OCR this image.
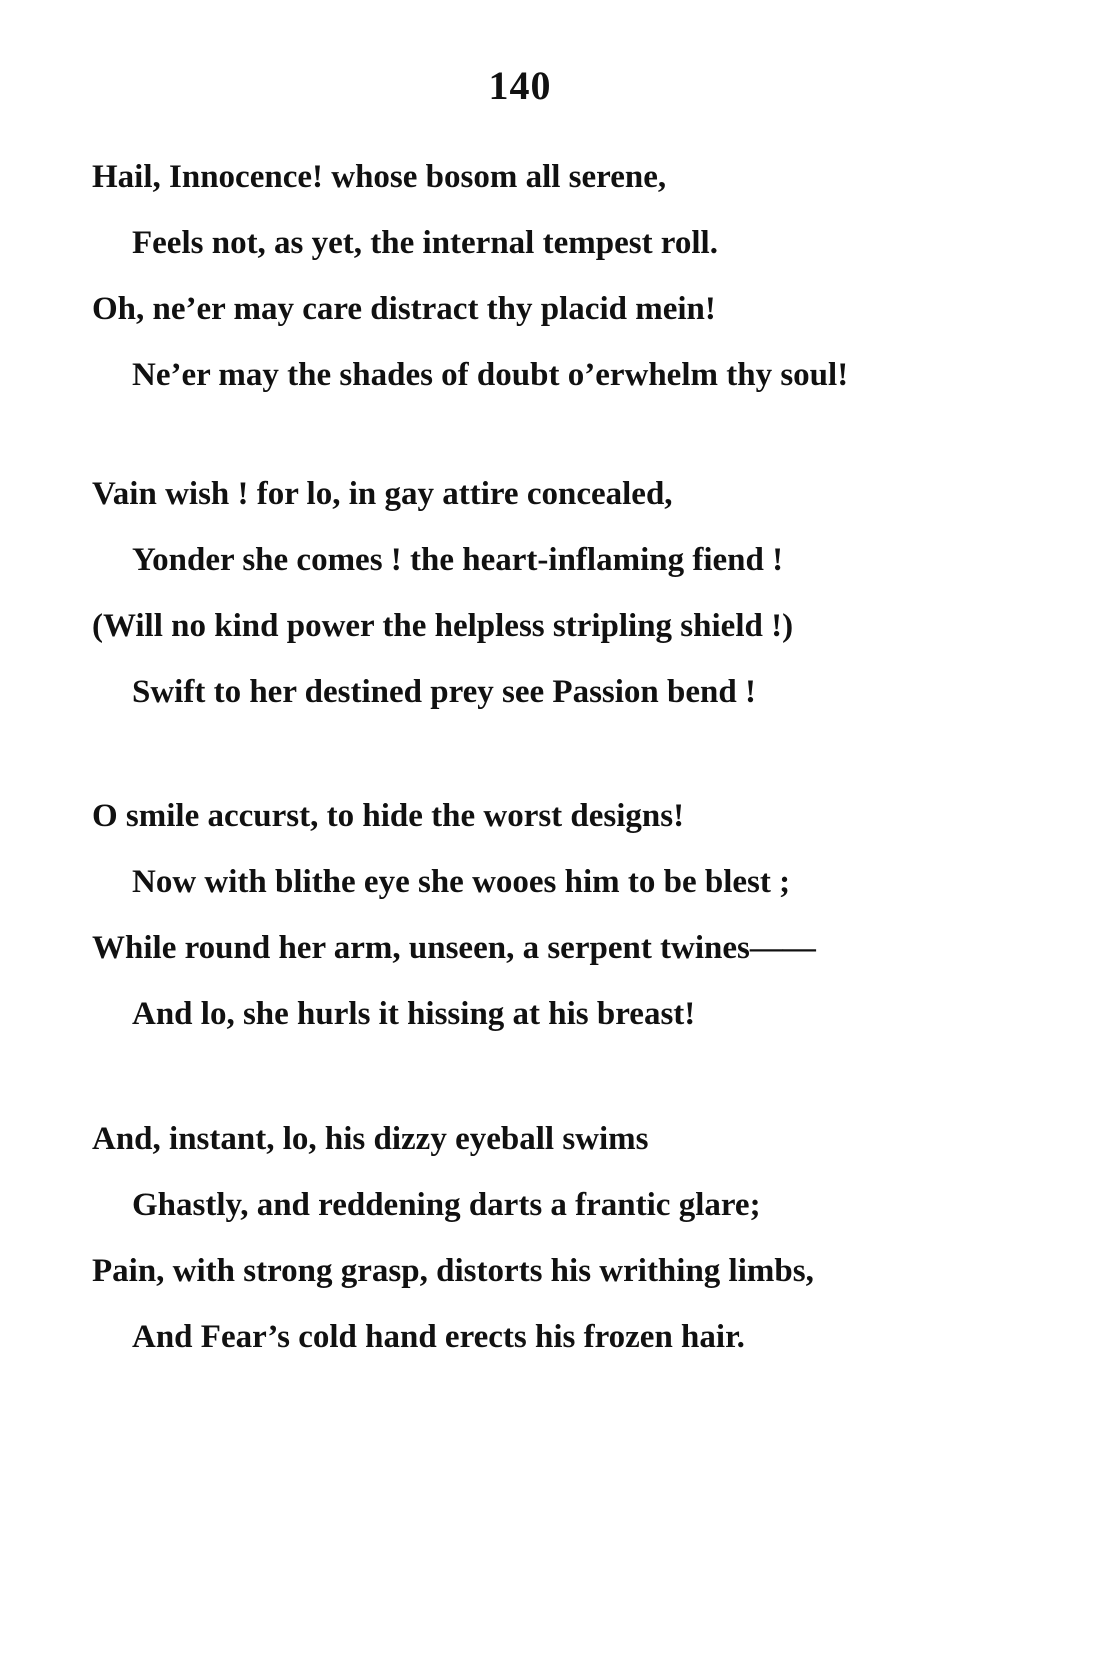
140
Hail, Innocence! whose bosom all serene,
Feels not, as yet, the internal tempest roll.
Oh, ne’er may care distract thy placid mein!
Ne’er may the shades of doubt o’erwhelm thy soul!
Vain wish ! for lo, in gay attire concealed,
Yonder she comes ! the heart-inflaming fiend !
(Will no kind power the helpless stripling shield !)
Swift to her destined prey see Passion bend !
O smile accurst, to hide the worst designs!
Now with blithe eye she wooes him to be blest ;
While round her arm, unseen, a serpent twines——
And lo, she hurls it hissing at his breast!
And, instant, lo, his dizzy eyeball swims
Ghastly, and reddening darts a frantic glare;
Pain, with strong grasp, distorts his writhing limbs,
And Fear’s cold hand erects his frozen hair.
